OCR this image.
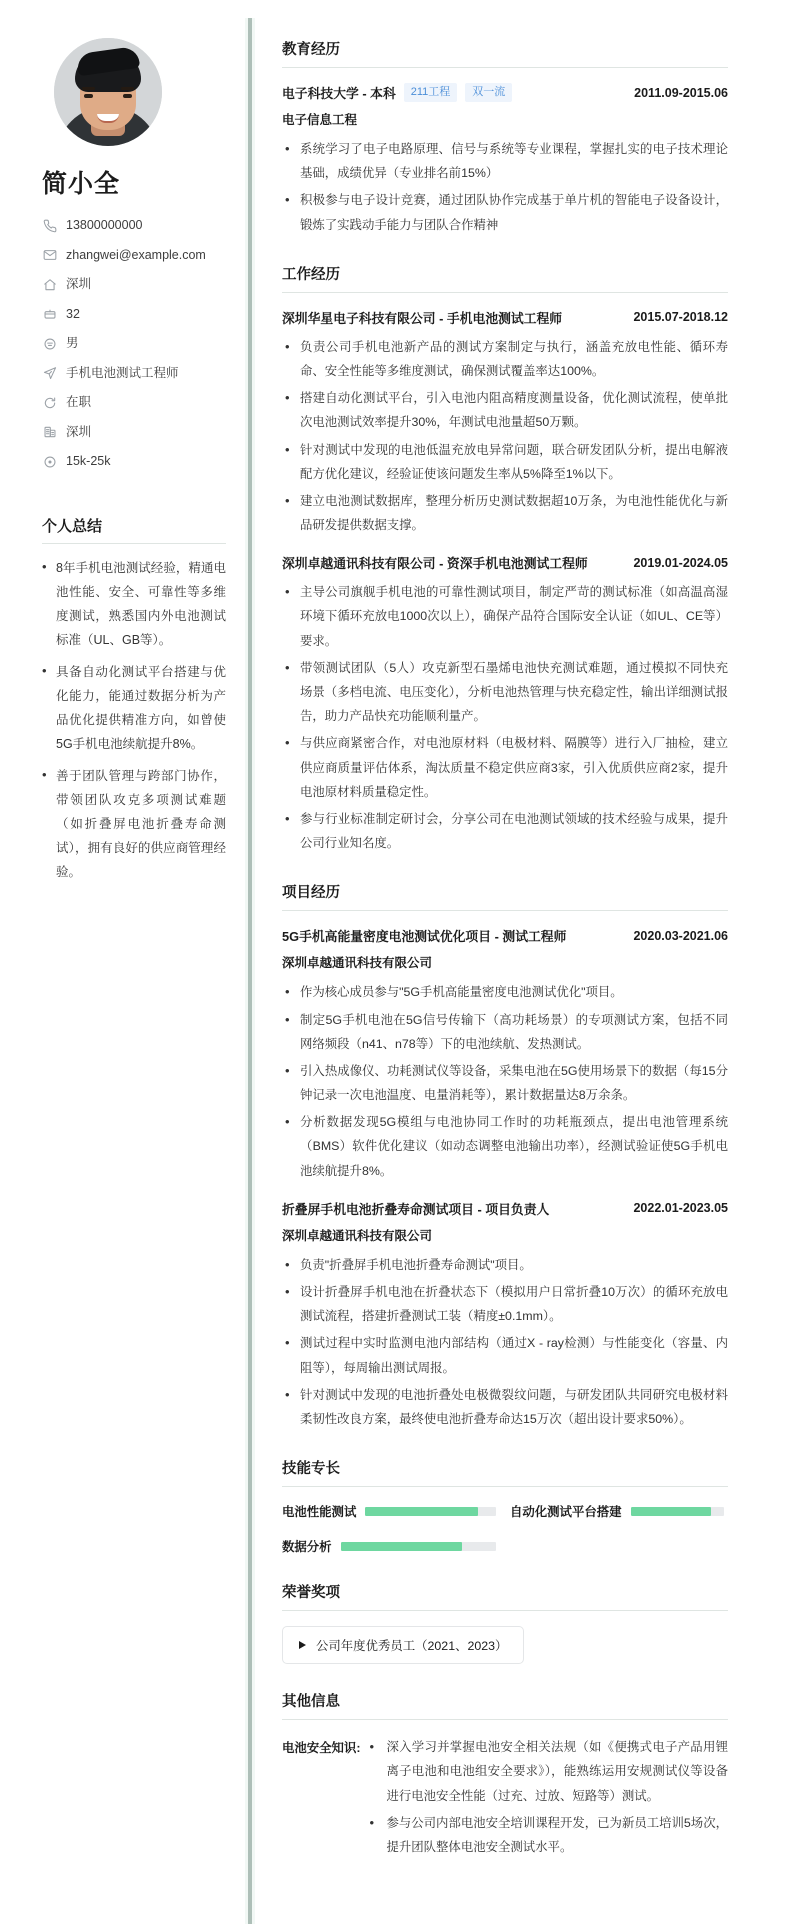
简小全
13800000000
zhangwei@example.com
深圳
32
男
手机电池测试工程师
在职
深圳
15k-25k
个人总结
• 8年手机电池测试经验，精通电池性能、安全、可靠性等多维度测试，熟悉国内外电池测试标准（UL、GB等）。
• 具备自动化测试平台搭建与优化能力，能通过数据分析为产品优化提供精准方向，如曾使5G手机电池续航提升8%。
• 善于团队管理与跨部门协作，带领团队攻克多项测试难题（如折叠屏电池折叠寿命测试），拥有良好的供应商管理经验。
教育经历
电子科技大学 - 本科	211工程	双一流	2011.09-2015.06
电子信息工程
• 系统学习了电子电路原理、信号与系统等专业课程，掌握扎实的电子技术理论基础，成绩优异（专业排名前15%）
• 积极参与电子设计竞赛，通过团队协作完成基于单片机的智能电子设备设计，锻炼了实践动手能力与团队合作精神
工作经历
深圳华星电子科技有限公司 - 手机电池测试工程师	2015.07-2018.12
• 负责公司手机电池新产品的测试方案制定与执行，涵盖充放电性能、循环寿命、安全性能等多维度测试，确保测试覆盖率达100%。
• 搭建自动化测试平台，引入电池内阻高精度测量设备，优化测试流程，使单批次电池测试效率提升30%，年测试电池量超50万颗。
• 针对测试中发现的电池低温充放电异常问题，联合研发团队分析，提出电解液配方优化建议，经验证使该问题发生率从5%降至1%以下。
• 建立电池测试数据库，整理分析历史测试数据超10万条，为电池性能优化与新品研发提供数据支撑。
深圳卓越通讯科技有限公司 - 资深手机电池测试工程师	2019.01-2024.05
• 主导公司旗舰手机电池的可靠性测试项目，制定严苛的测试标准（如高温高湿环境下循环充放电1000次以上），确保产品符合国际安全认证（如UL、CE等）要求。
• 带领测试团队（5人）攻克新型石墨烯电池快充测试难题，通过模拟不同快充场景（多档电流、电压变化），分析电池热管理与快充稳定性，输出详细测试报告，助力产品快充功能顺利量产。
• 与供应商紧密合作，对电池原材料（电极材料、隔膜等）进行入厂抽检，建立供应商质量评估体系，淘汰质量不稳定供应商3家，引入优质供应商2家，提升电池原材料质量稳定性。
• 参与行业标准制定研讨会，分享公司在电池测试领域的技术经验与成果，提升公司行业知名度。
项目经历
5G手机高能量密度电池测试优化项目 - 测试工程师	2020.03-2021.06
深圳卓越通讯科技有限公司
• 作为核心成员参与"5G手机高能量密度电池测试优化"项目。
• 制定5G手机电池在5G信号传输下（高功耗场景）的专项测试方案，包括不同网络频段（n41、n78等）下的电池续航、发热测试。
• 引入热成像仪、功耗测试仪等设备，采集电池在5G使用场景下的数据（每15分钟记录一次电池温度、电量消耗等），累计数据量达8万余条。
• 分析数据发现5G模组与电池协同工作时的功耗瓶颈点，提出电池管理系统（BMS）软件优化建议（如动态调整电池输出功率），经测试验证使5G手机电池续航提升8%。
折叠屏手机电池折叠寿命测试项目 - 项目负责人	2022.01-2023.05
深圳卓越通讯科技有限公司
• 负责"折叠屏手机电池折叠寿命测试"项目。
• 设计折叠屏手机电池在折叠状态下（模拟用户日常折叠10万次）的循环充放电测试流程，搭建折叠测试工装（精度±0.1mm）。
• 测试过程中实时监测电池内部结构（通过X - ray检测）与性能变化（容量、内阻等），每周输出测试周报。
• 针对测试中发现的电池折叠处电极微裂纹问题，与研发团队共同研究电极材料柔韧性改良方案，最终使电池折叠寿命达15万次（超出设计要求50%）。
技能专长
电池性能测试	自动化测试平台搭建
数据分析
荣誉奖项
公司年度优秀员工（2021、2023）
其他信息
电池安全知识:	• 深入学习并掌握电池安全相关法规（如《便携式电子产品用锂离子电池和电池组安全要求》），能熟练运用安规测试仪等设备进行电池安全性能（过充、过放、短路等）测试。
• 参与公司内部电池安全培训课程开发，已为新员工培训5场次，提升团队整体电池安全测试水平。
